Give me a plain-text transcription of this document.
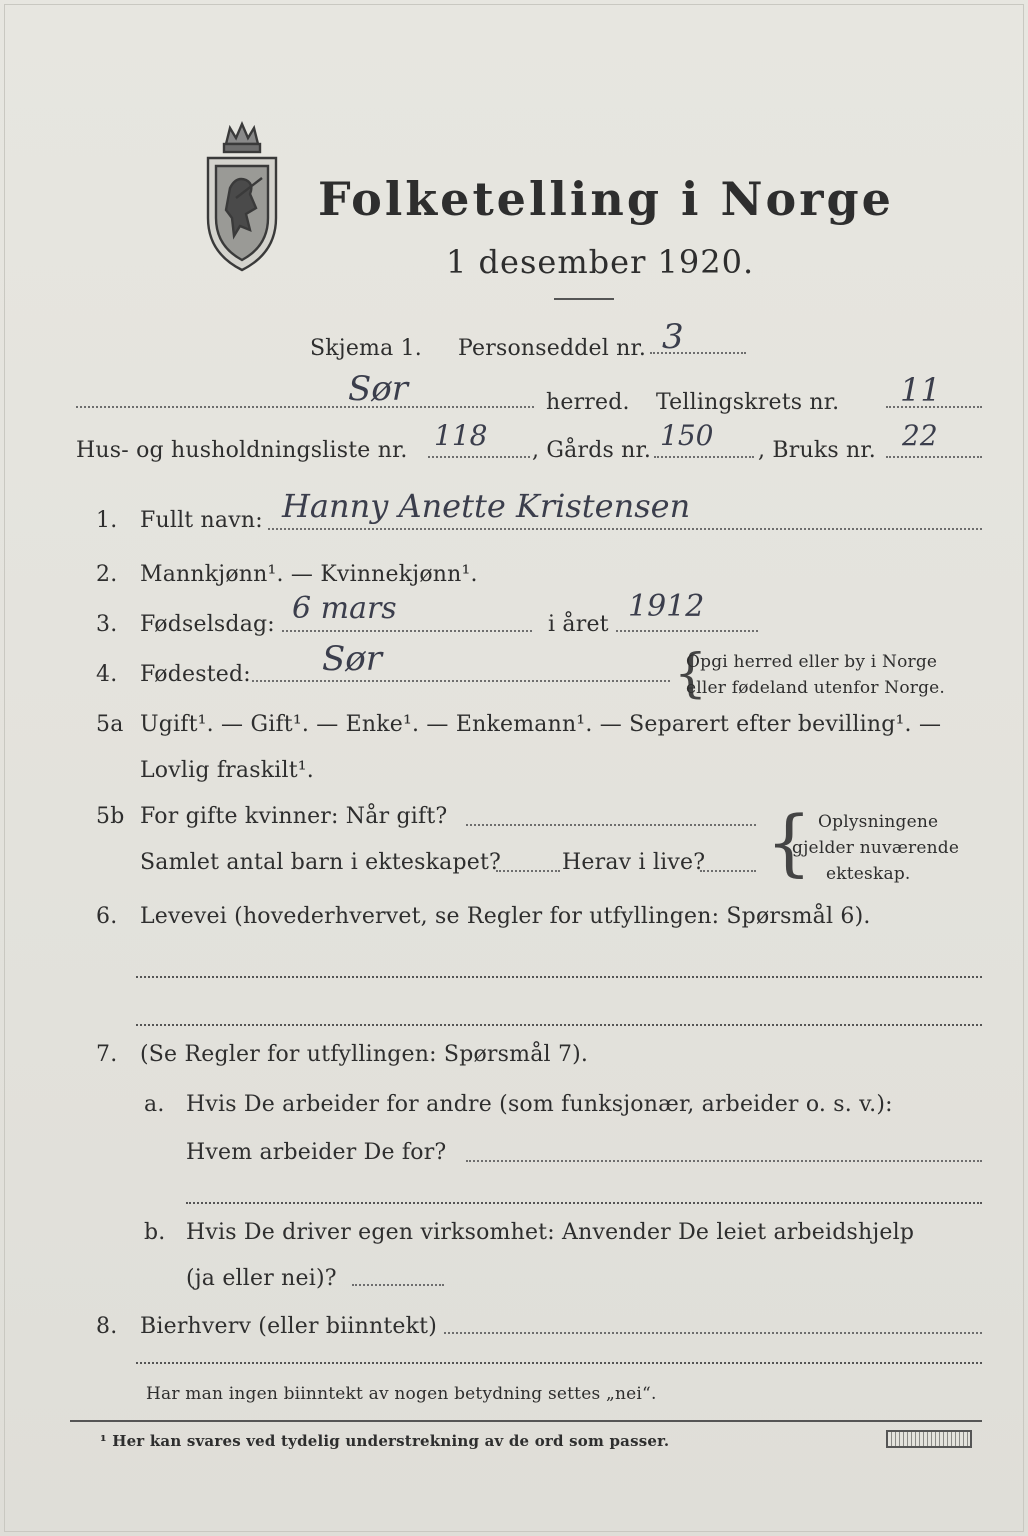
Folketelling i Norge
1 desember 1920.
Skjema 1. Personseddel nr. 3
Sør	herred. Tellingskrets nr. 11
Hus- og husholdningsliste nr. 118 , Gårds nr. 150 , Bruks nr. 22
1. Fullt navn: Hanny Anette Kristensen
2. Mannkjønn¹. — Kvinnekjønn¹.
3. Fødselsdag: 6 mars	i året
1912
4. Fødested: Sør	{
Opgi herred eller by i Norge
eller fødeland utenfor Norge.
5a Ugift¹. — Gift¹. — Enke¹. — Enkemann¹. — Separert efter bevilling¹. —
Lovlig fraskilt¹.
5b For gifte kvinner: Når gift?
Samlet antal barn i ekteskapet?	Herav i live? { Oplysningene
gjelder nuværende
ekteskap.
6. Levevei (hovederhvervet, se Regler for utfyllingen: Spørsmål 6).
7. (Se Regler for utfyllingen: Spørsmål 7).
a. Hvis De arbeider for andre (som funksjonær, arbeider o. s. v.):
Hvem arbeider De for?
b. Hvis De driver egen virksomhet: Anvender De leiet arbeidshjelp
(ja eller nei)?
8. Bierhverv (eller biinntekt)
Har man ingen biinntekt av nogen betydning settes „nei“.
¹ Her kan svares ved tydelig understrekning av de ord som passer.
